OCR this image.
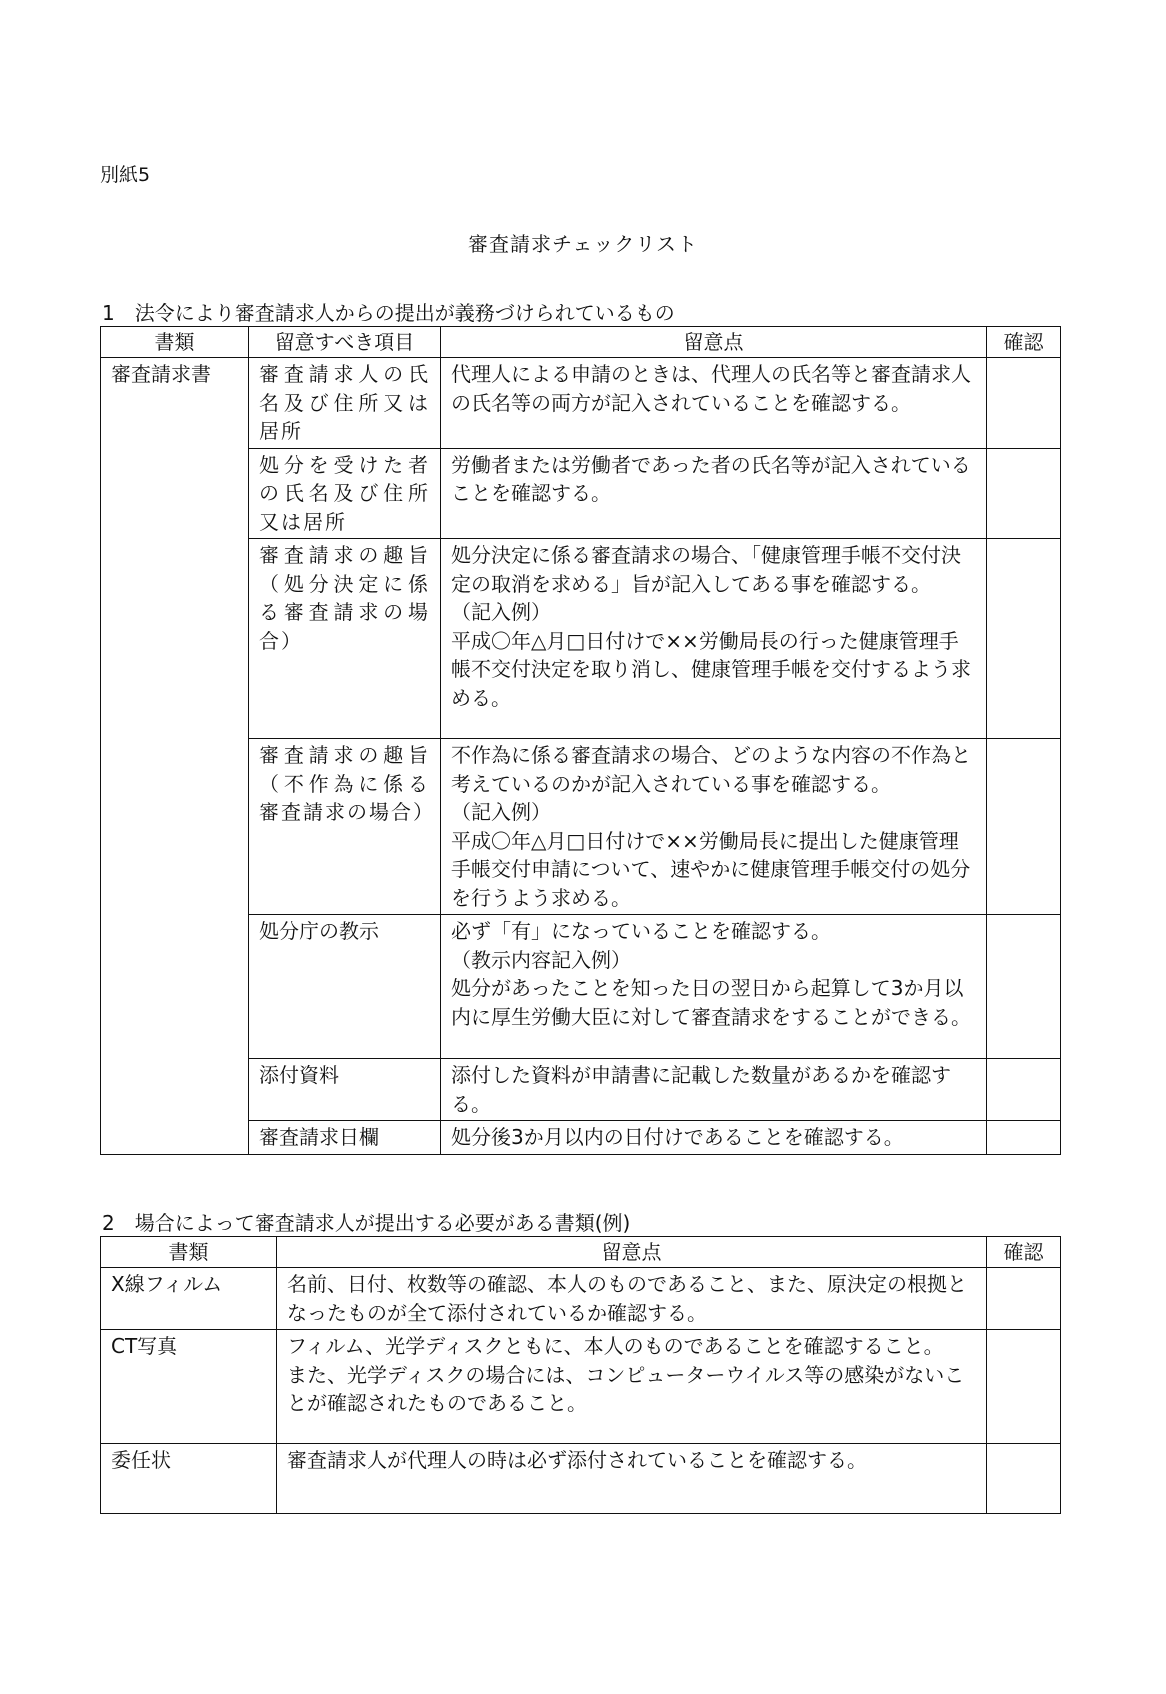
別紙5
審査請求チェックリスト
1　法令により審査請求人からの提出が義務づけられているもの
書類	留意すべき項目	留意点	確認
審査請求書	審査請求人の氏名及び住所又は居所	代理人による申請のときは、代理人の氏名等と審査請求人の氏名等の両方が記入されていることを確認する。	

	処分を受けた者の氏名及び住所又は居所	労働者または労働者であった者の氏名等が記入されていることを確認する。	

	審査請求の趣旨（処分決定に係る審査請求の場合）	処分決定に係る審査請求の場合、「健康管理手帳不交付決定の取消を求める」旨が記入してある事を確認する。
（記入例）
平成〇年△月□日付けで××労働局長の行った健康管理手帳不交付決定を取り消し、健康管理手帳を交付するよう求める。	

	審査請求の趣旨（不作為に係る審査請求の場合）	不作為に係る審査請求の場合、どのような内容の不作為と考えているのかが記入されている事を確認する。
（記入例）
平成〇年△月□日付けで××労働局長に提出した健康管理手帳交付申請について、速やかに健康管理手帳交付の処分を行うよう求める。	

	処分庁の教示	必ず「有」になっていることを確認する。
（教示内容記入例）
処分があったことを知った日の翌日から起算して3か月以内に厚生労働大臣に対して審査請求をすることができる。	

	添付資料	添付した資料が申請書に記載した数量があるかを確認する。	

	審査請求日欄	処分後3か月以内の日付けであることを確認する。	

2　場合によって審査請求人が提出する必要がある書類(例)
書類	留意点	確認
X線フィルム	名前、日付、枚数等の確認、本人のものであること、また、原決定の根拠となったものが全て添付されているか確認する。	

CT写真	フィルム、光学ディスクともに、本人のものであることを確認すること。
また、光学ディスクの場合には、コンピューターウイルス等の感染がないことが確認されたものであること。	

委任状	審査請求人が代理人の時は必ず添付されていることを確認する。	
